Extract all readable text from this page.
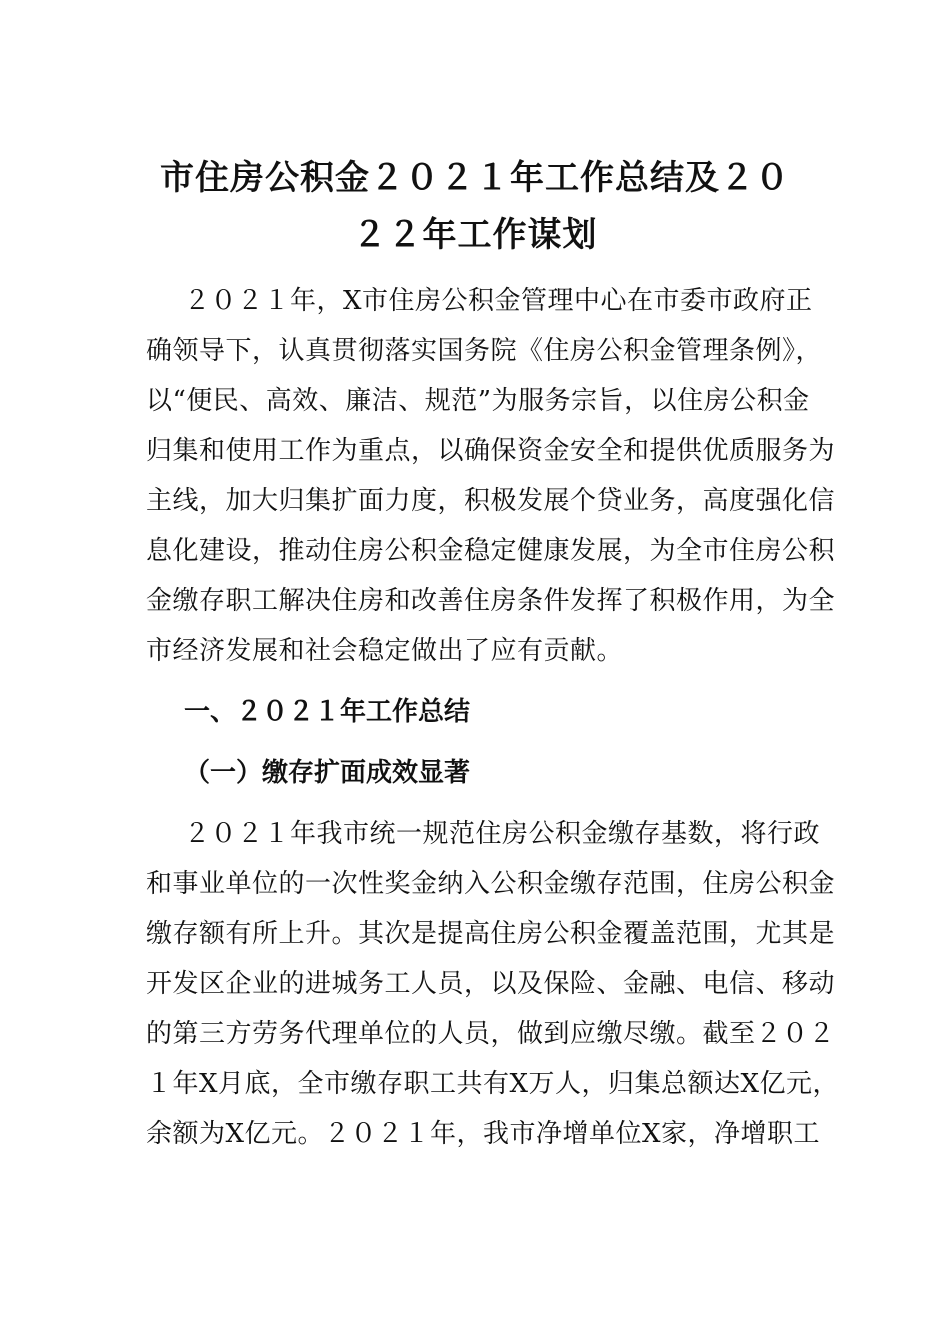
市住房公积金２０２１年工作总结及２０
２２年工作谋划
２０２１年，X市住房公积金管理中心在市委市政府正
确领导下，认真贯彻落实国务院《住房公积金管理条例》，
以“便民、高效、廉洁、规范”为服务宗旨，以住房公积金
归集和使用工作为重点，以确保资金安全和提供优质服务为
主线，加大归集扩面力度，积极发展个贷业务，高度强化信
息化建设，推动住房公积金稳定健康发展，为全市住房公积
金缴存职工解决住房和改善住房条件发挥了积极作用，为全
市经济发展和社会稳定做出了应有贡献。
一、２０２１年工作总结
（一）缴存扩面成效显著
２０２１年我市统一规范住房公积金缴存基数，将行政
和事业单位的一次性奖金纳入公积金缴存范围，住房公积金
缴存额有所上升。其次是提高住房公积金覆盖范围，尤其是
开发区企业的进城务工人员，以及保险、金融、电信、移动
的第三方劳务代理单位的人员，做到应缴尽缴。截至２０２
１年X月底，全市缴存职工共有X万人，归集总额达X亿元，
余额为X亿元。２０２１年，我市净增单位X家，净增职工
